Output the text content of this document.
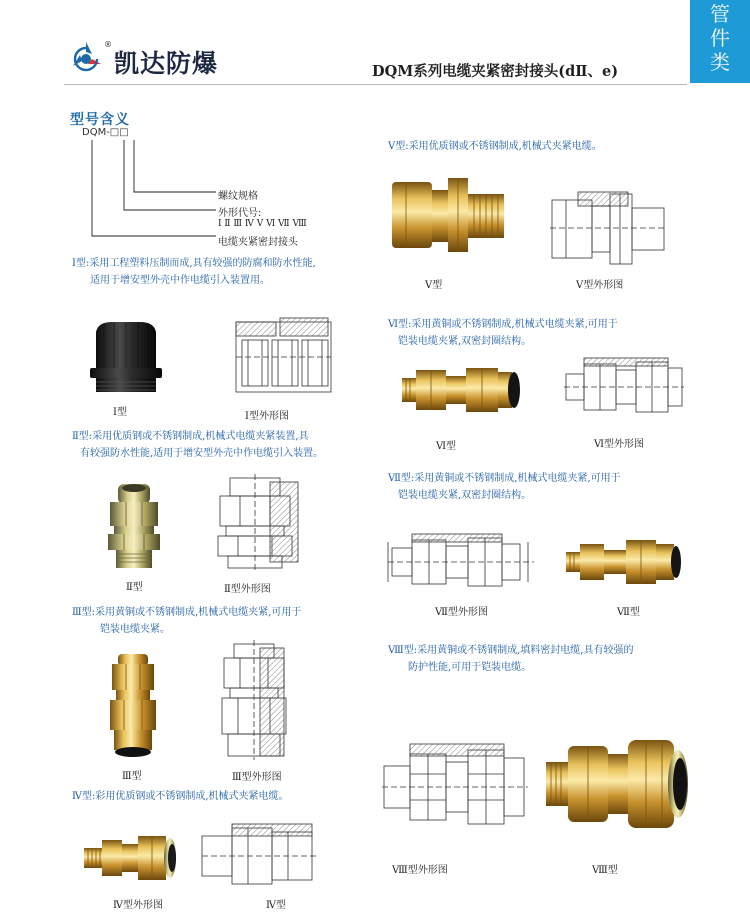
®
凯达防爆	DQM系列电缆夹紧密封接头(dⅡ、e)
管
件
类
型号含义
DQM-□□
螺纹规格
外形代号:
Ⅰ Ⅱ Ⅲ Ⅳ Ⅴ Ⅵ Ⅶ Ⅷ
电缆夹紧密封接头
Ⅰ型:采用工程塑料压制而成,具有较强的防腐和防水性能,
适用于增安型外壳中作电缆引入装置用。
Ⅰ型	Ⅰ型外形图
Ⅱ型:采用优质钢或不锈钢制成,机械式电缆夹紧装置,具
有较强防水性能,适用于增安型外壳中作电缆引入装置。
Ⅱ型	Ⅱ型外形图
Ⅲ型:采用黄铜或不锈钢制成,机械式电缆夹紧,可用于
铠装电缆夹紧。
Ⅲ型	Ⅲ型外形图
Ⅳ型:彩用优质钢或不锈钢制成,机械式夹紧电缆。
Ⅳ型外形图	Ⅳ型
Ⅴ型:采用优质钢或不锈钢制成,机械式夹紧电缆。
Ⅴ型	Ⅴ型外形图
Ⅵ型:采用黄铜或不锈钢制成,机械式电缆夹紧,可用于
铠装电缆夹紧,双密封圈结构。
Ⅵ型	Ⅵ型外形图
Ⅶ型:采用黄铜或不锈钢制成,机械式电缆夹紧,可用于
铠装电缆夹紧,双密封圈结构。
Ⅶ型外形图	Ⅶ型
Ⅷ型:采用黄铜或不锈钢制成,填料密封电缆,具有较强的
防护性能,可用于铠装电缆。
Ⅷ型外形图	Ⅷ型
